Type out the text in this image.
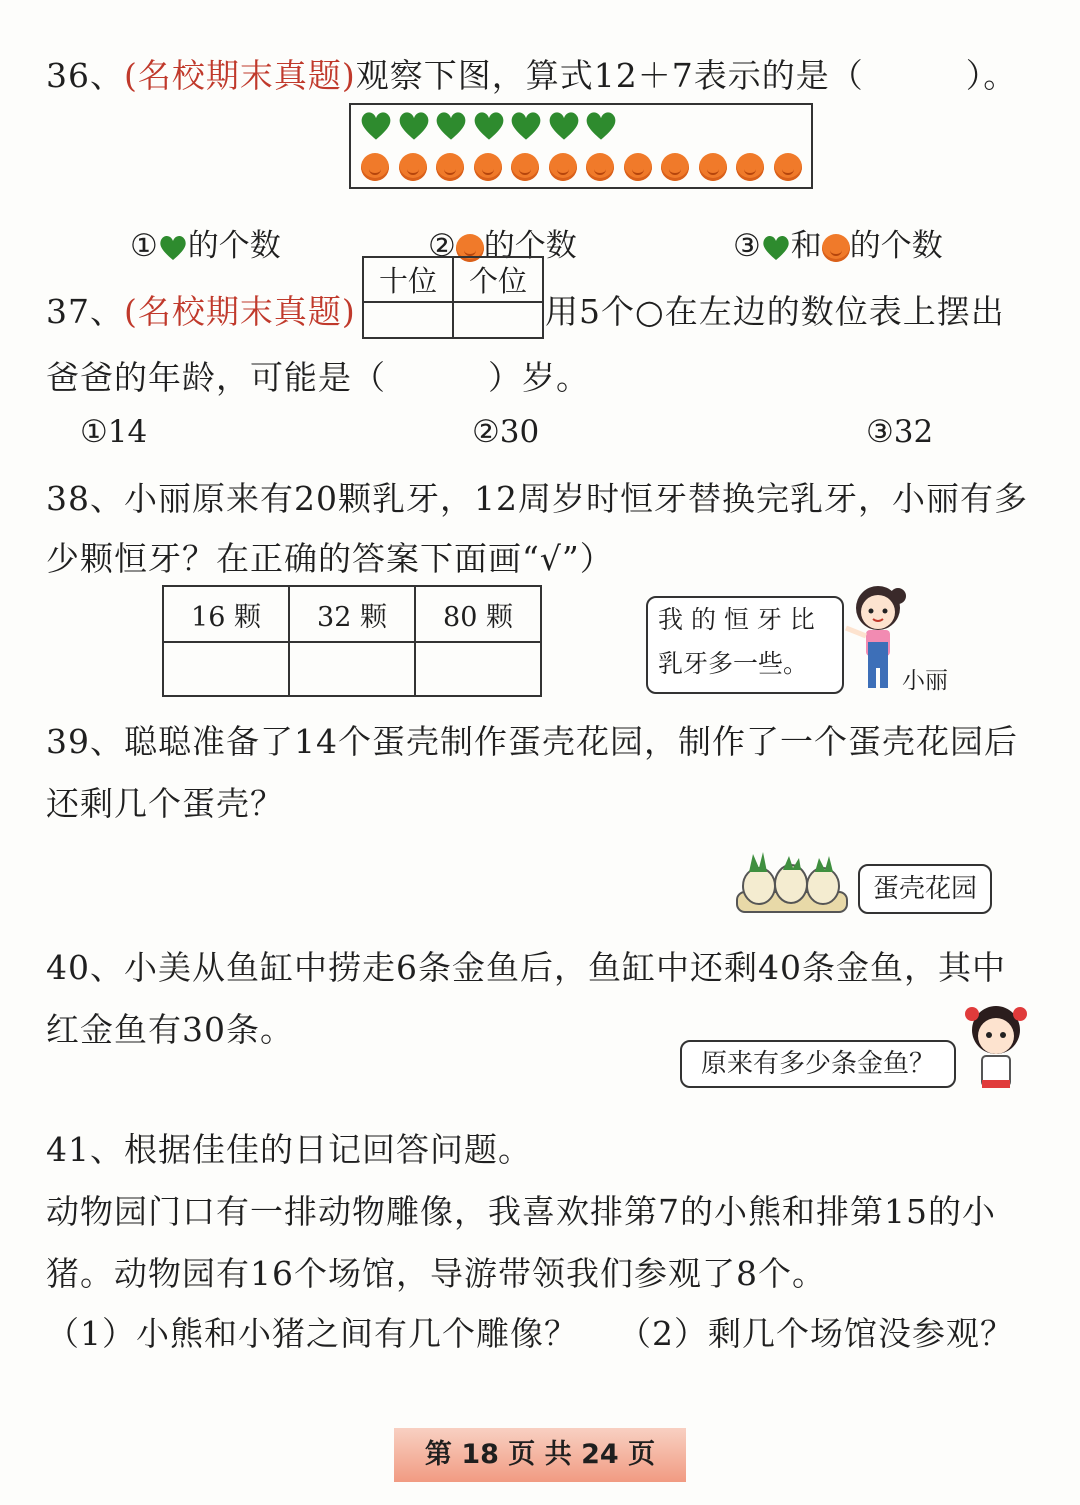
36、(名校期末真题)观察下图，算式12＋7表示的是（　　　）。
① 的个数	② 的个数	③ 和 的个数
37、(名校期末真题)
十位	个位

用5个○在左边的数位表上摆出
爸爸的年龄，可能是（　　　）岁。
①14	②30	③32
38、小丽原来有20颗乳牙，12周岁时恒牙替换完乳牙，小丽有多
少颗恒牙？在正确的答案下面画“√”）
16 颗	32 颗	80 颗
			我 的 恒 牙 比
乳牙多一些。
小丽
39、聪聪准备了14个蛋壳制作蛋壳花园，制作了一个蛋壳花园后
还剩几个蛋壳？
蛋壳花园
40、小美从鱼缸中捞走6条金鱼后，鱼缸中还剩40条金鱼，其中
红金鱼有30条。
原来有多少条金鱼？
41、根据佳佳的日记回答问题。
动物园门口有一排动物雕像，我喜欢排第7的小熊和排第15的小
猪。动物园有16个场馆，导游带领我们参观了8个。
（1）小熊和小猪之间有几个雕像？ （2）剩几个场馆没参观？
第 18 页 共 24 页
